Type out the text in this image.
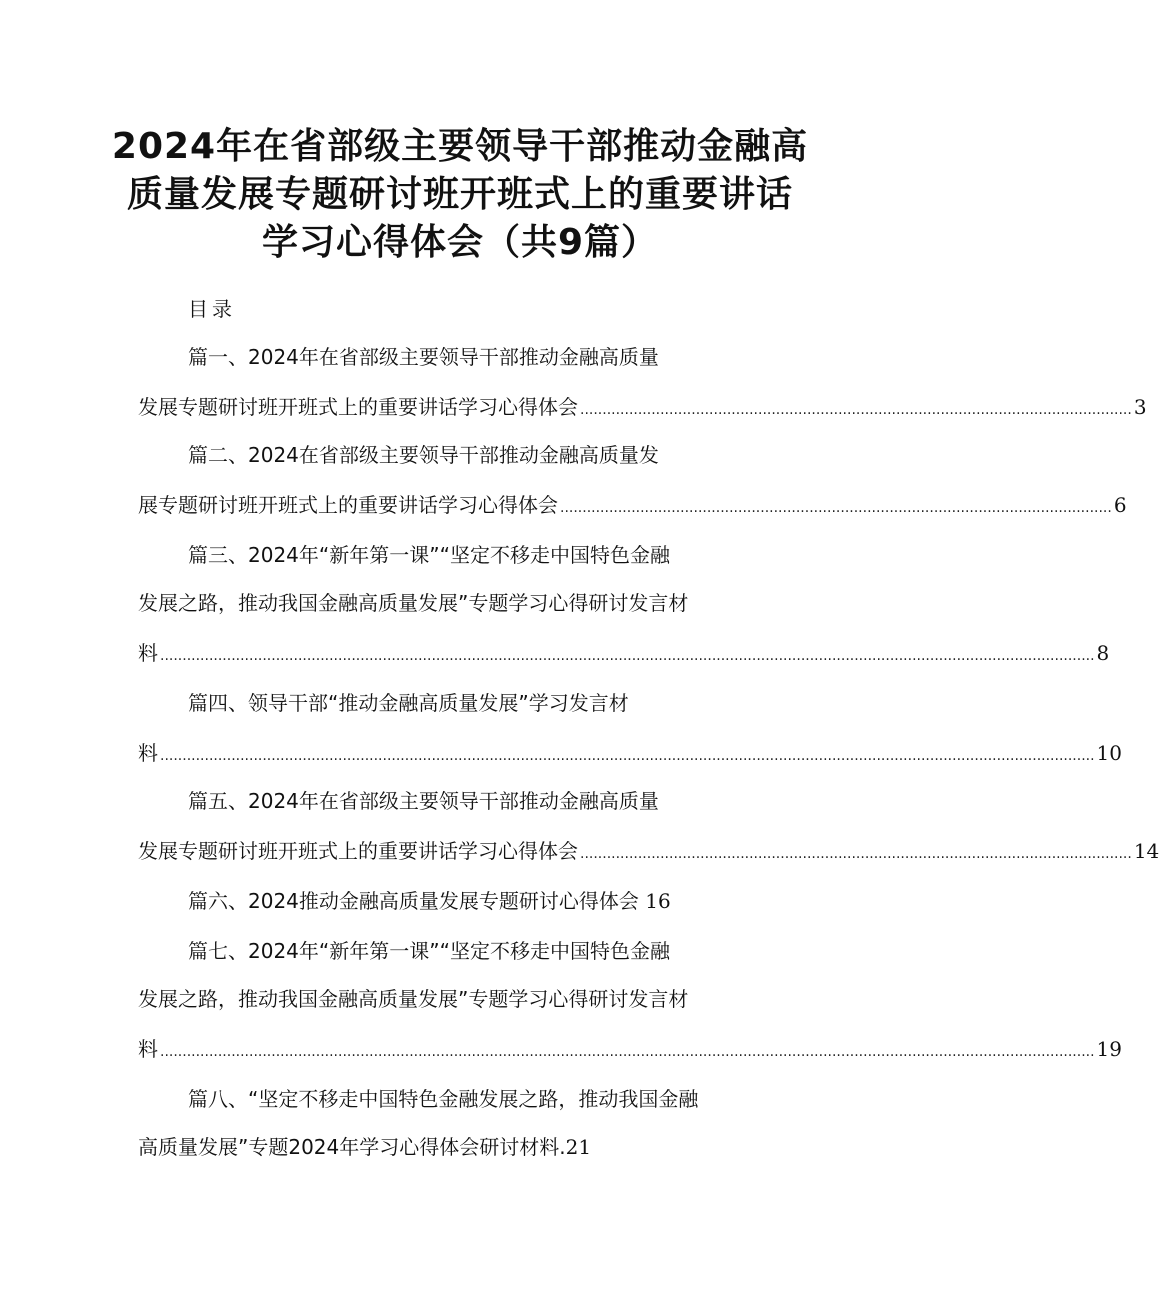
2024年在省部级主要领导干部推动金融高
质量发展专题研讨班开班式上的重要讲话
学习心得体会（共9篇）
目录
篇一、2024年在省部级主要领导干部推动金融高质量
发展专题研讨班开班式上的重要讲话学习心得体会 ............................................................................................................................ 3
篇二、2024在省部级主要领导干部推动金融高质量发
展专题研讨班开班式上的重要讲话学习心得体会 ............................................................................................................................ 6
篇三、2024年“新年第一课”“坚定不移走中国特色金融
发展之路，推动我国金融高质量发展”专题学习心得研讨发言材
料 .................................................................................................................................................................................................................. 8
篇四、领导干部“推动金融高质量发展”学习发言材
料 .................................................................................................................................................................................................................. 10
篇五、2024年在省部级主要领导干部推动金融高质量
发展专题研讨班开班式上的重要讲话学习心得体会 ............................................................................................................................ 14
篇六、2024推动金融高质量发展专题研讨心得体会 16
篇七、2024年“新年第一课”“坚定不移走中国特色金融
发展之路，推动我国金融高质量发展”专题学习心得研讨发言材
料 .................................................................................................................................................................................................................. 19
篇八、“坚定不移走中国特色金融发展之路，推动我国金融
高质量发展”专题2024年学习心得体会研讨材料.21
